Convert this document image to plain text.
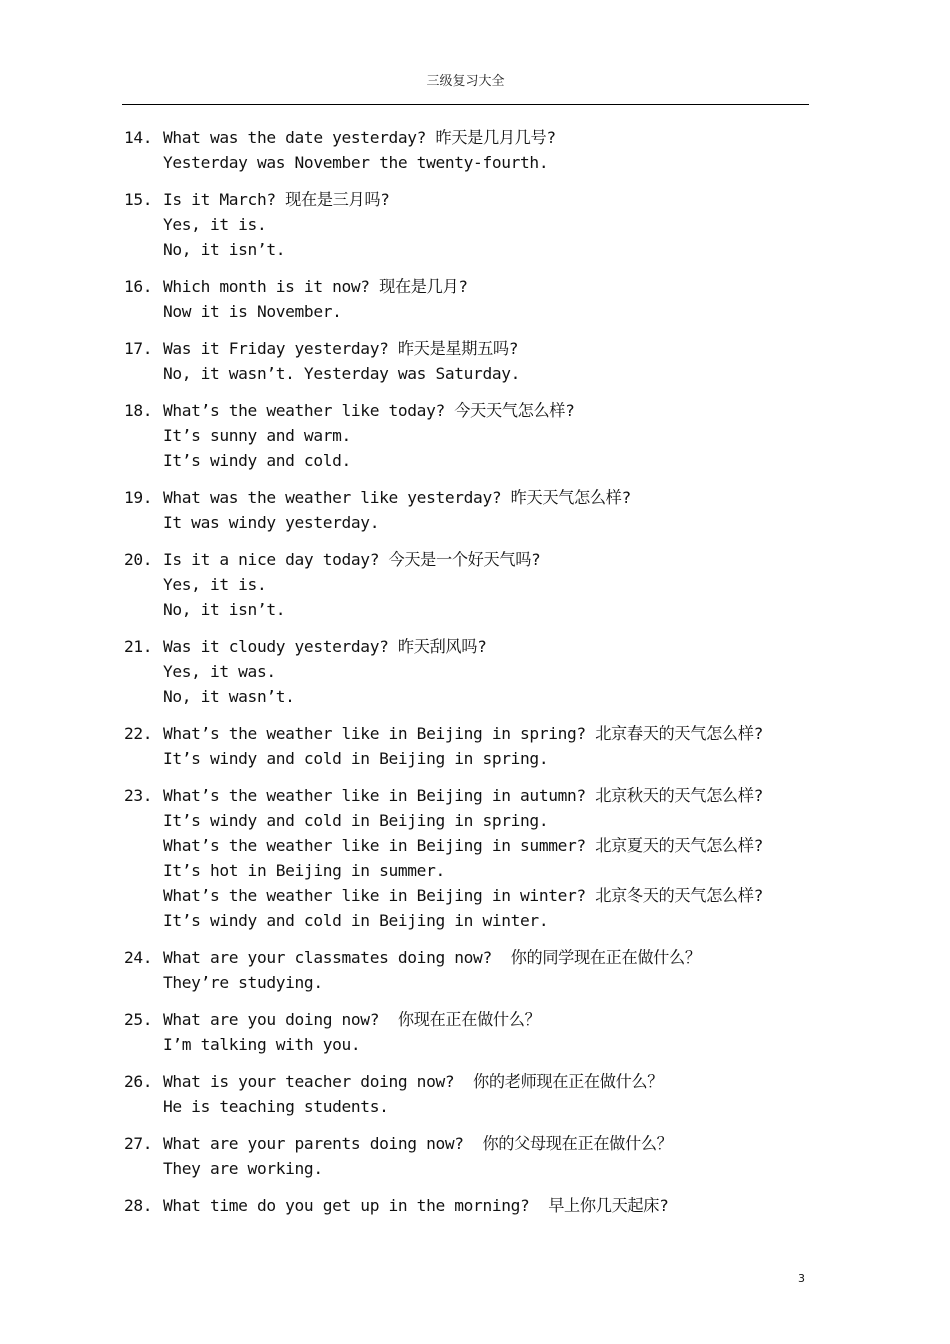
三级复习大全
14. What was the date yesterday? 昨天是几月几号?
Yesterday was November the twenty-fourth.
15. Is it March? 现在是三月吗?
Yes, it is.
No, it isn’t.
16. Which month is it now? 现在是几月?
Now it is November.
17. Was it Friday yesterday? 昨天是星期五吗?
No, it wasn’t. Yesterday was Saturday.
18. What’s the weather like today? 今天天气怎么样?
It’s sunny and warm.
It’s windy and cold.
19. What was the weather like yesterday? 昨天天气怎么样?
It was windy yesterday.
20. Is it a nice day today? 今天是一个好天气吗?
Yes, it is.
No, it isn’t.
21. Was it cloudy yesterday? 昨天刮风吗?
Yes, it was.
No, it wasn’t.
22. What’s the weather like in Beijing in spring? 北京春天的天气怎么样?
It’s windy and cold in Beijing in spring.
23. What’s the weather like in Beijing in autumn? 北京秋天的天气怎么样?
It’s windy and cold in Beijing in spring.
What’s the weather like in Beijing in summer? 北京夏天的天气怎么样?
It’s hot in Beijing in summer.
What’s the weather like in Beijing in winter? 北京冬天的天气怎么样?
It’s windy and cold in Beijing in winter.
24. What are your classmates doing now?  你的同学现在正在做什么？
They’re studying.
25. What are you doing now?  你现在正在做什么？
I’m talking with you.
26. What is your teacher doing now?  你的老师现在正在做什么？
He is teaching students.
27. What are your parents doing now?  你的父母现在正在做什么？
They are working.
28. What time do you get up in the morning?  早上你几天起床?
3
